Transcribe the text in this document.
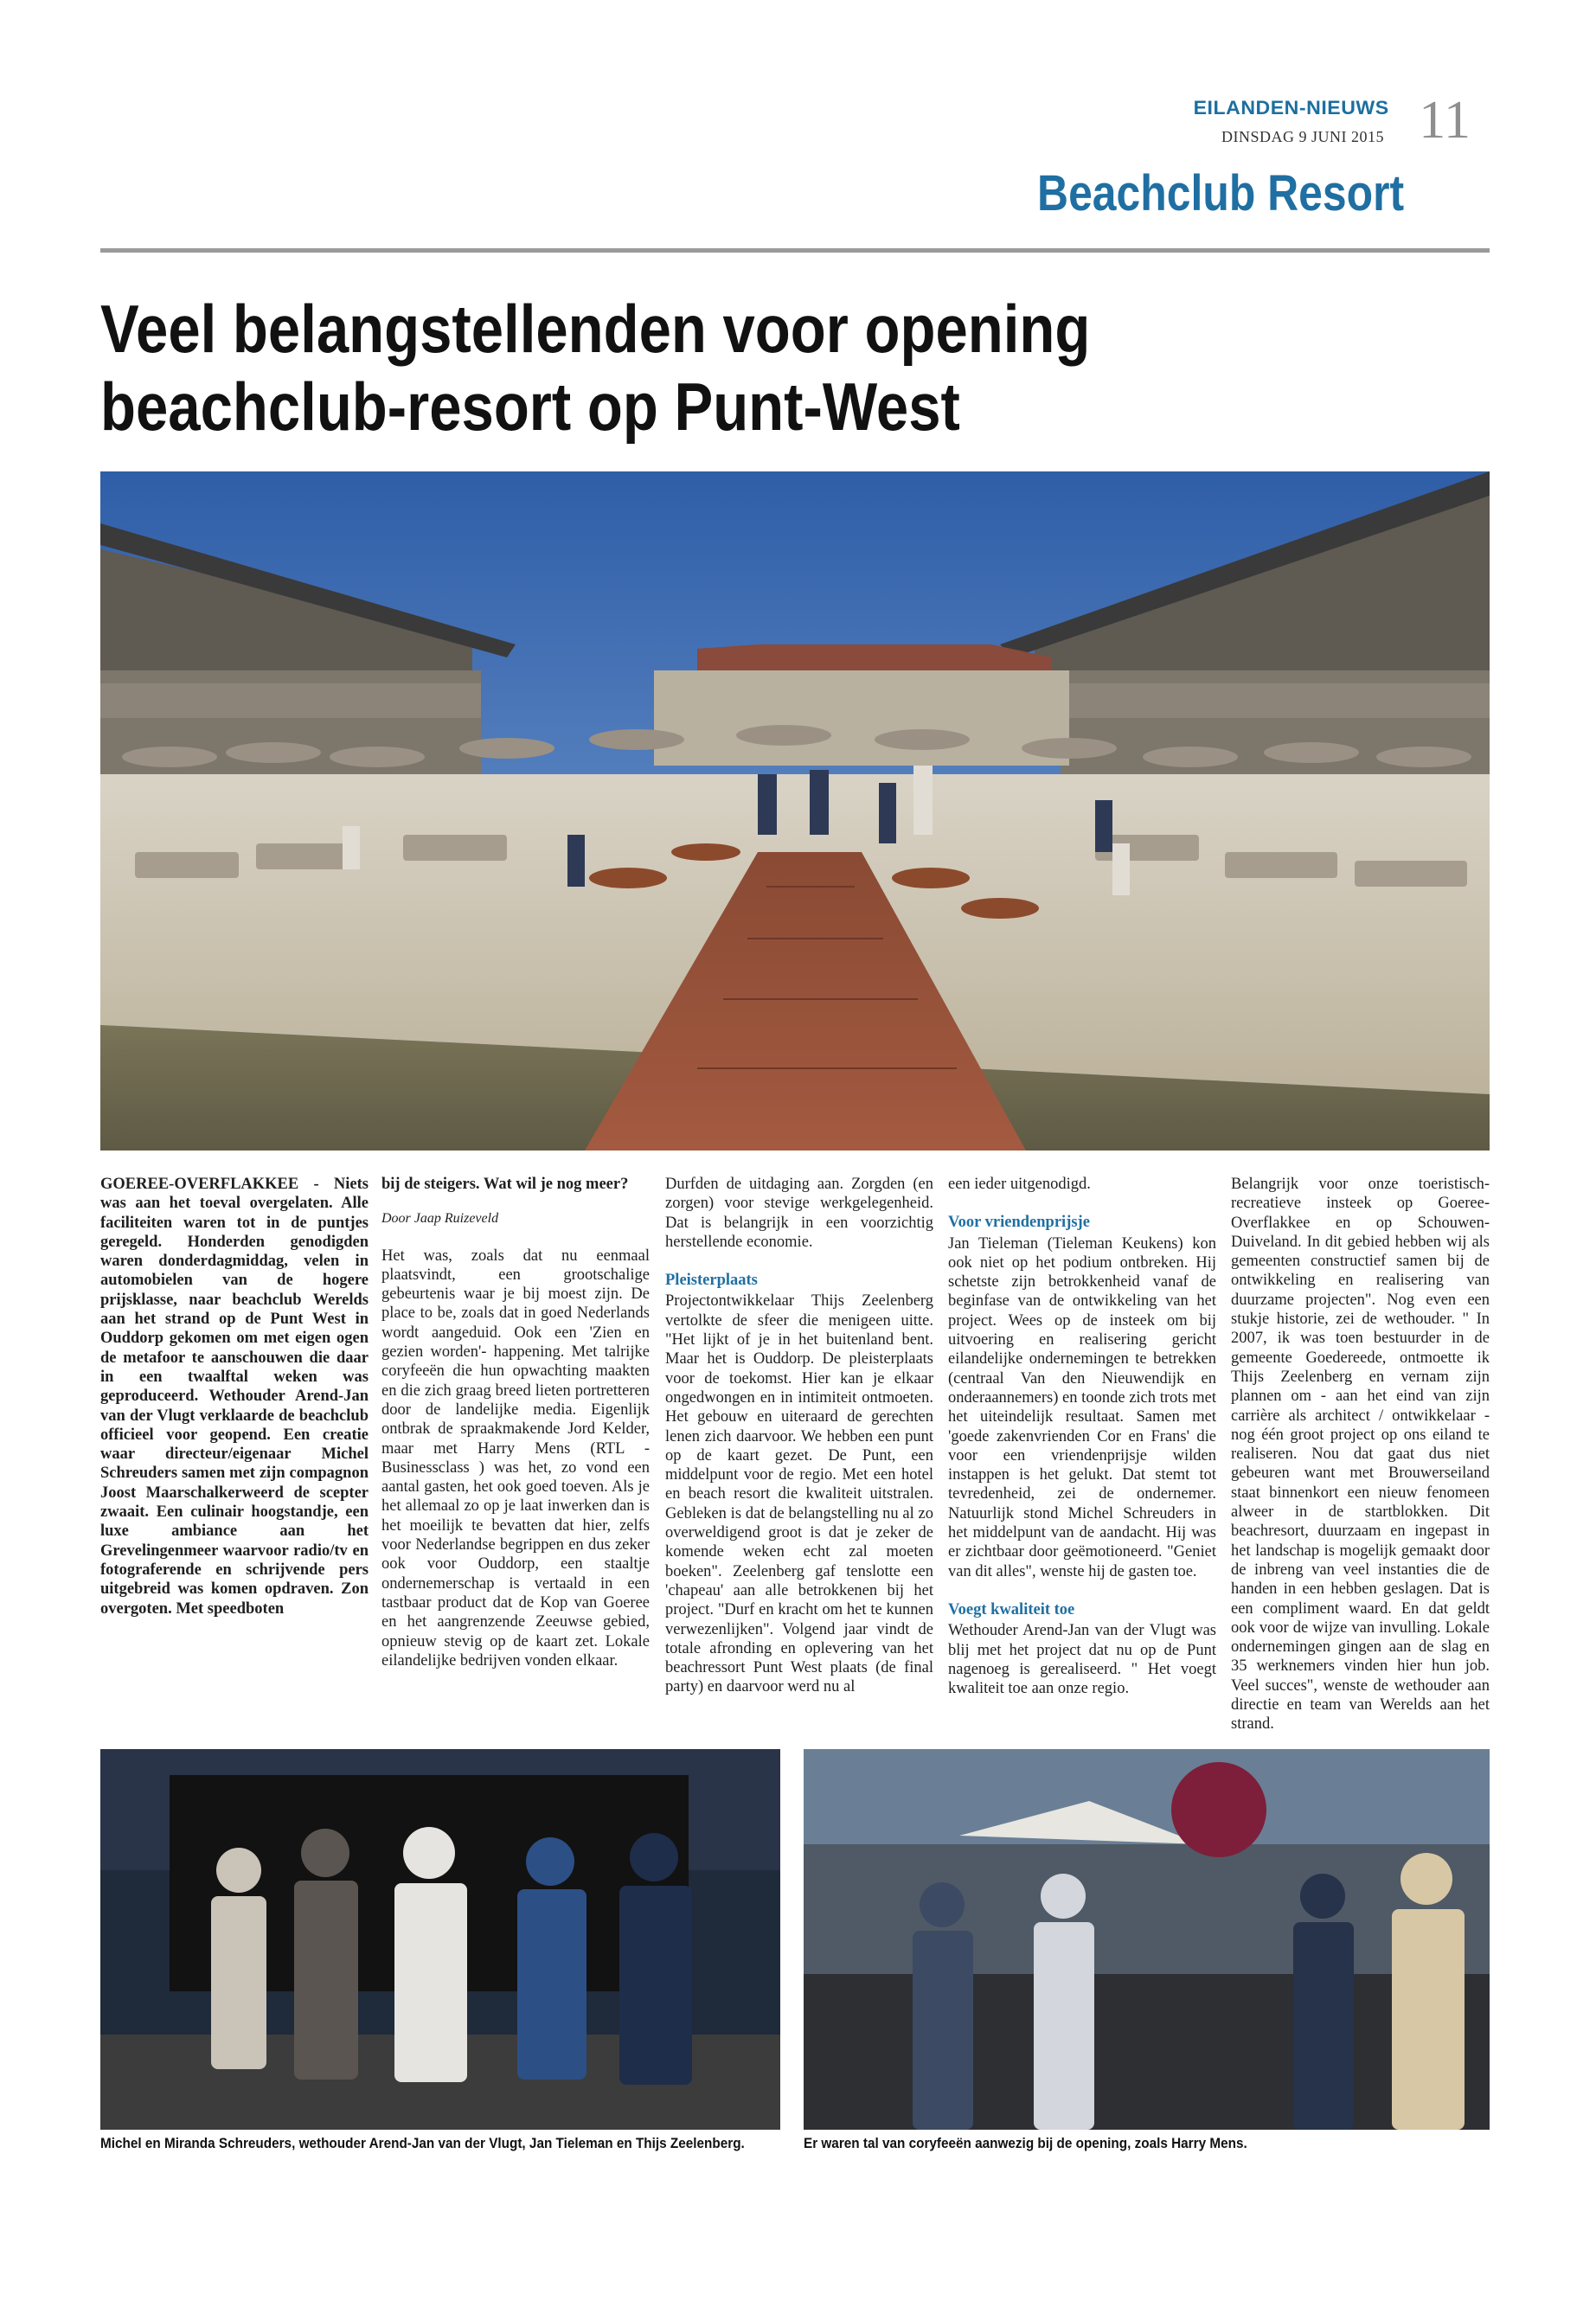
EILANDEN-NIEUWS
DINSDAG 9 JUNI 2015 11
Beachclub Resort
Veel belangstellenden voor opening beachclub-resort op Punt-West

GOEREE-OVERFLAKKEE - Niets was aan het toeval overgelaten. Alle faciliteiten waren tot in de puntjes geregeld. Honderden genodigden waren donderdagmiddag, velen in automobielen van de hogere prijsklasse, naar beachclub Werelds aan het strand op de Punt West in Ouddorp gekomen om met eigen ogen de metafoor te aanschouwen die daar in een twaalftal weken was geproduceerd. Wethouder Arend-Jan van der Vlugt verklaarde de beachclub officieel voor geopend. Een creatie waar directeur/eigenaar Michel Schreuders samen met zijn compagnon Joost Maarschalkerweerd de scepter zwaait. Een culinair hoogstandje, een luxe ambiance aan het Grevelingenmeer waarvoor radio/tv en fotograferende en schrijvende pers uitgebreid was komen opdraven. Zon overgoten. Met speedboten

bij de steigers. Wat wil je nog meer?

Door Jaap Ruizeveld

Het was, zoals dat nu eenmaal plaatsvindt, een grootschalige gebeurtenis waar je bij moest zijn. De place to be, zoals dat in goed Nederlands wordt aangeduid. Ook een 'Zien en gezien worden'- happening. Met talrijke coryfeeën die hun opwachting maakten en die zich graag breed lieten portretteren door de landelijke media. Eigenlijk ontbrak de spraakmakende Jord Kelder, maar met Harry Mens (RTL - Businessclass ) was het, zo vond een aantal gasten, het ook goed toeven. Als je het allemaal zo op je laat inwerken dan is het moeilijk te bevatten dat hier, zelfs voor Nederlandse begrippen en dus zeker ook voor Ouddorp, een staaltje ondernemerschap is vertaald in een tastbaar product dat de Kop van Goeree en het aangrenzende Zeeuwse gebied, opnieuw stevig op de kaart zet. Lokale eilandelijke bedrijven vonden elkaar.

Durfden de uitdaging aan. Zorgden (en zorgen) voor stevige werkgelegenheid. Dat is belangrijk in een voorzichtig herstellende economie.

Pleisterplaats

Projectontwikkelaar Thijs Zeelenberg vertolkte de sfeer die menigeen uitte. "Het lijkt of je in het buitenland bent. Maar het is Ouddorp. De pleisterplaats voor de toekomst. Hier kan je elkaar ongedwongen en in intimiteit ontmoeten. Het gebouw en uiteraard de gerechten lenen zich daarvoor. We hebben een punt op de kaart gezet. De Punt, een middelpunt voor de regio. Met een hotel en beach resort die kwaliteit uitstralen. Gebleken is dat de belangstelling nu al zo overweldigend groot is dat je zeker de komende weken echt zal moeten boeken". Zeelenberg gaf tenslotte een 'chapeau' aan alle betrokkenen bij het project. "Durf en kracht om het te kunnen verwezenlijken". Volgend jaar vindt de totale afronding en oplevering van het beachressort Punt West plaats (de final party) en daarvoor werd nu al

een ieder uitgenodigd.

Voor vriendenprijsje

Jan Tieleman (Tieleman Keukens) kon ook niet op het podium ontbreken. Hij schetste zijn betrokkenheid vanaf de beginfase van de ontwikkeling van het project. Wees op de insteek om bij uitvoering en realisering gericht eilandelijke ondernemingen te betrekken (centraal Van den Nieuwendijk en onderaannemers) en toonde zich trots met het uiteindelijk resultaat. Samen met 'goede zakenvrienden Cor en Frans' die voor een vriendenprijsje wilden instappen is het gelukt. Dat stemt tot tevredenheid, zei de ondernemer. Natuurlijk stond Michel Schreuders in het middelpunt van de aandacht. Hij was er zichtbaar door geëmotioneerd. "Geniet van dit alles", wenste hij de gasten toe.

Voegt kwaliteit toe

Wethouder Arend-Jan van der Vlugt was blij met het project dat nu op de Punt nagenoeg is gerealiseerd. " Het voegt kwaliteit toe aan onze regio.

Belangrijk voor onze toeristisch-recreatieve insteek op Goeree-Overflakkee en op Schouwen-Duiveland. In dit gebied hebben wij als gemeenten constructief samen bij de ontwikkeling en realisering van duurzame projecten". Nog even een stukje historie, zei de wethouder. " In 2007, ik was toen bestuurder in de gemeente Goedereede, ontmoette ik Thijs Zeelenberg en vernam zijn plannen om - aan het eind van zijn carrière als architect / ontwikkelaar - nog één groot project op ons eiland te realiseren. Nou dat gaat dus niet gebeuren want met Brouwerseiland staat binnenkort een nieuw fenomeen alweer in de startblokken. Dit beachresort, duurzaam en ingepast in het landschap is mogelijk gemaakt door de inbreng van veel instanties die de handen in een hebben geslagen. Dat is een compliment waard. En dat geldt ook voor de wijze van invulling. Lokale ondernemingen gingen aan de slag en 35 werknemers vinden hier hun job. Veel succes", wenste de wethouder aan directie en team van Werelds aan het strand.

Michel en Miranda Schreuders, wethouder Arend-Jan van der Vlugt, Jan Tieleman en Thijs Zeelenberg.	Er waren tal van coryfeeën aanwezig bij de opening, zoals Harry Mens.
